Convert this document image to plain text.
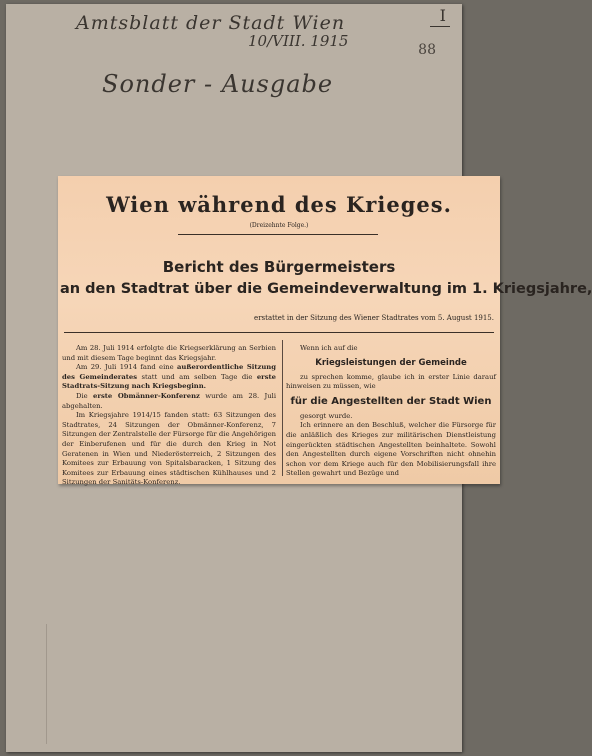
Amtsblatt der Stadt Wien
10/VIII. 1915
I
88
Sonder - Ausgabe
Wien während des Krieges.
(Dreizehnte Folge.)
Bericht des Bürgermeisters
an den Stadtrat über die Gemeindeverwaltung im 1. Kriegsjahre,
erstattet in der Sitzung des Wiener Stadtrates vom 5. August 1915.

Am 28. Juli 1914 erfolgte die Kriegserklärung an Serbien und mit diesem Tage beginnt das Kriegsjahr.

Am 29. Juli 1914 fand eine außerordentliche Sitzung des Gemeinderates statt und am selben Tage die erste Stadtrats-Sitzung nach Kriegsbeginn.

Die erste Obmänner-Konferenz wurde am 28. Juli abgehalten.

Im Kriegsjahre 1914/15 fanden statt: 63 Sitzungen des Stadtrates, 24 Sitzungen der Obmänner-Konferenz, 7 Sitzungen der Zentralstelle der Fürsorge für die Angehörigen der Einberufenen und für die durch den Krieg in Not Geratenen in Wien und Niederösterreich, 2 Sitzungen des Komitees zur Erbauung von Spitalsbaracken, 1 Sitzung des Komitees zur Erbauung eines städtischen Kühlhauses und 2 Sitzungen der Sanitäts-Konferenz.

Wenn ich auf die

Kriegsleistungen der Gemeinde

zu sprechen komme, glaube ich in erster Linie darauf hinweisen zu müssen, wie

für die Angestellten der Stadt Wien

gesorgt wurde.

Ich erinnere an den Beschluß, welcher die Fürsorge für die anläßlich des Krieges zur militärischen Dienstleistung eingerückten städtischen Angestellten beinhaltete. Sowohl den Angestellten durch eigene Vorschriften nicht ohnehin schon vor dem Kriege auch für den Mobilisierungsfall ihre Stellen gewahrt und Bezüge und
